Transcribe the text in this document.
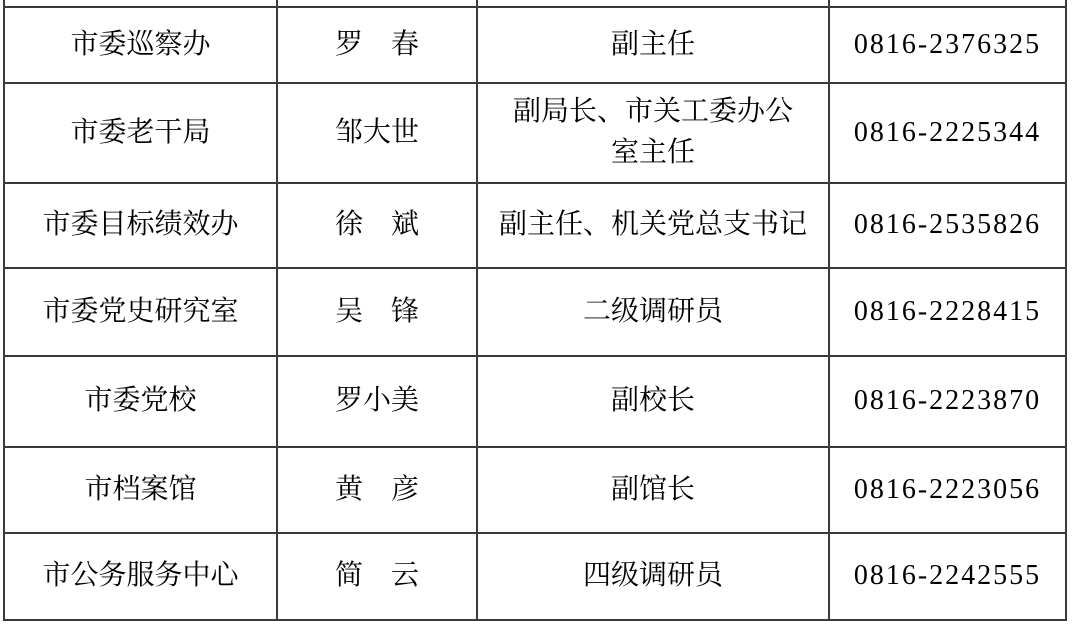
市委巡察办	罗　春	副主任	0816-2376325
市委老干局	邹大世	副局长、市关工委办公室主任	0816-2225344
市委目标绩效办	徐　斌	副主任、机关党总支书记	0816-2535826
市委党史研究室	吴　锋	二级调研员	0816-2228415
市委党校	罗小美	副校长	0816-2223870
市档案馆	黄　彦	副馆长	0816-2223056
市公务服务中心	简　云	四级调研员	0816-2242555
